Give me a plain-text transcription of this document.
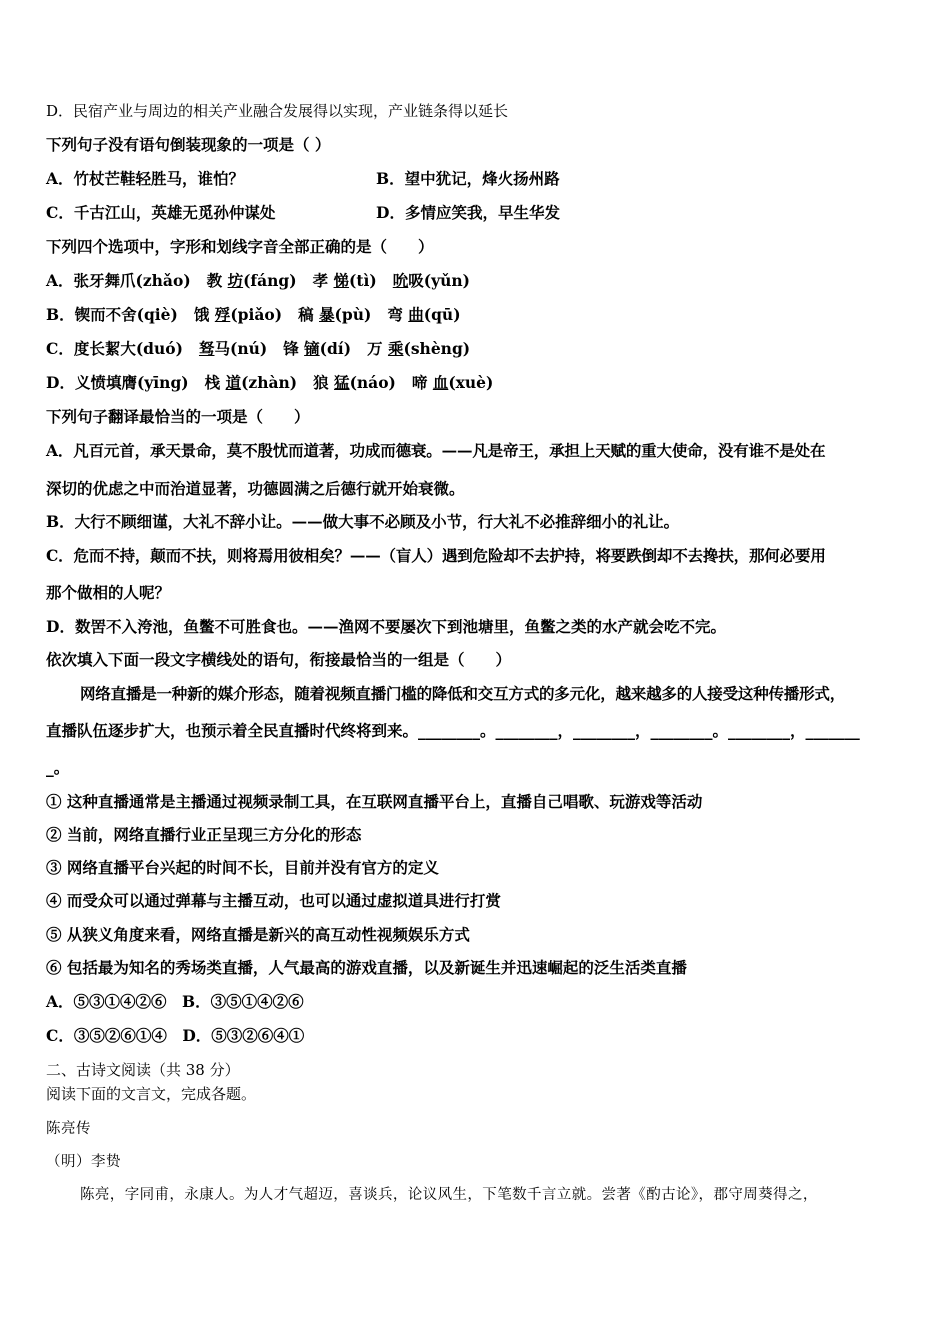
D．民宿产业与周边的相关产业融合发展得以实现，产业链条得以延长
下列句子没有语句倒装现象的一项是（ ）
A．竹杖芒鞋轻胜马，谁怕？	B．望中犹记，烽火扬州路
C．千古江山，英雄无觅孙仲谋处	D．多情应笑我，早生华发
下列四个选项中，字形和划线字音全部正确的是（　　）
A．张牙舞爪(zhǎo) 教 坊(fáng) 孝 悌(tì) 吮吸(yǔn)
B．锲而不舍(qiè) 饿 殍(piǎo) 稿 暴(pù) 弯 曲(qū)
C．度长絜大(duó) 驽马(nú) 锋 镝(dí) 万 乘(shèng)
D．义愤填膺(yīng) 栈 道(zhàn) 狼 猛(náo) 啼 血(xuè)
下列句子翻译最恰当的一项是（　　）
A．凡百元首，承天景命，莫不殷忧而道著，功成而德衰。——凡是帝王，承担上天赋的重大使命，没有谁不是处在
深切的优虑之中而治道显著，功德圆满之后德行就开始衰微。
B．大行不顾细谨，大礼不辞小让。——做大事不必顾及小节，行大礼不必推辞细小的礼让。
C．危而不持，颠而不扶，则将焉用彼相矣？——（盲人）遇到危险却不去护持，将要跌倒却不去搀扶，那何必要用
那个做相的人呢？
D．数罟不入洿池，鱼鳖不可胜食也。——渔网不要屡次下到池塘里，鱼鳖之类的水产就会吃不完。
依次填入下面一段文字横线处的语句，衔接最恰当的一组是（　　）
网络直播是一种新的媒介形态，随着视频直播门槛的降低和交互方式的多元化，越来越多的人接受这种传播形式，
直播队伍逐步扩大，也预示着全民直播时代终将到来。________。________，________，________。________，_______
_。
① 这种直播通常是主播通过视频录制工具，在互联网直播平台上，直播自己唱歌、玩游戏等活动
② 当前，网络直播行业正呈现三方分化的形态
③ 网络直播平台兴起的时间不长，目前并没有官方的定义
④ 而受众可以通过弹幕与主播互动，也可以通过虚拟道具进行打赏
⑤ 从狭义角度来看，网络直播是新兴的高互动性视频娱乐方式
⑥ 包括最为知名的秀场类直播，人气最高的游戏直播，以及新诞生并迅速崛起的泛生活类直播
A．⑤③①④②⑥　B．③⑤①④②⑥
C．③⑤②⑥①④　D．⑤③②⑥④①
二、古诗文阅读（共 38 分）
阅读下面的文言文，完成各题。
陈亮传
（明）李贽
陈亮，字同甫，永康人。为人才气超迈，喜谈兵，论议风生，下笔数千言立就。尝著《酌古论》，郡守周葵得之，
